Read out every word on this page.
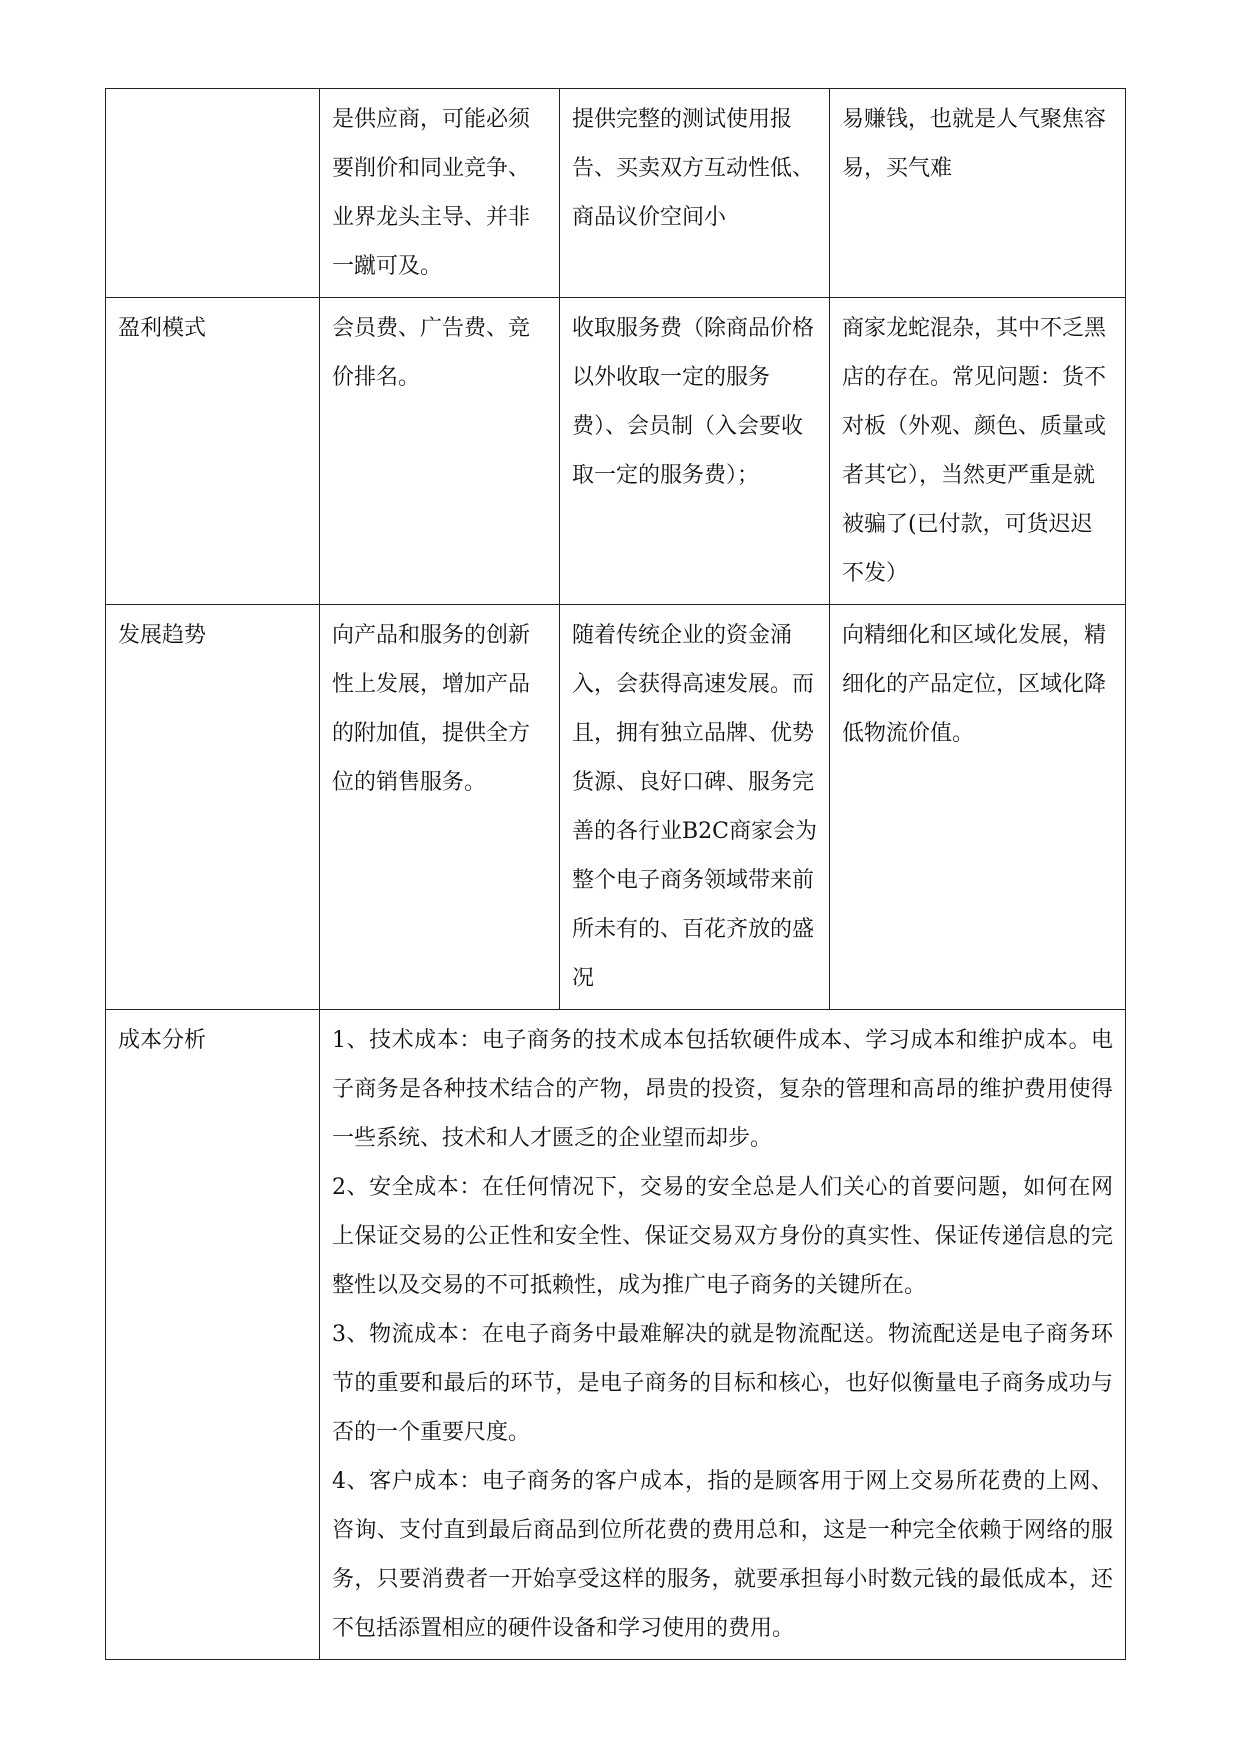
	是供应商，可能必须要削价和同业竞争、业界龙头主导、并非一蹴可及。	提供完整的测试使用报告、买卖双方互动性低、商品议价空间小	易赚钱，也就是人气聚焦容易，买气难
盈利模式	会员费、广告费、竞价排名。	收取服务费（除商品价格以外收取一定的服务费）、会员制（入会要收取一定的服务费）；	商家龙蛇混杂，其中不乏黑店的存在。常见问题：货不对板（外观、颜色、质量或者其它），当然更严重是就被骗了(已付款，可货迟迟不发）
发展趋势	向产品和服务的创新性上发展，增加产品的附加值，提供全方位的销售服务。	随着传统企业的资金涌入，会获得高速发展。而且，拥有独立品牌、优势货源、良好口碑、服务完善的各行业B2C商家会为整个电子商务领域带来前所未有的、百花齐放的盛况	向精细化和区域化发展，精细化的产品定位，区域化降低物流价值。
成本分析	1、技术成本：电子商务的技术成本包括软硬件成本、学习成本和维护成本。电子商务是各种技术结合的产物，昂贵的投资，复杂的管理和高昂的维护费用使得一些系统、技术和人才匮乏的企业望而却步。
2、安全成本：在任何情况下，交易的安全总是人们关心的首要问题，如何在网上保证交易的公正性和安全性、保证交易双方身份的真实性、保证传递信息的完整性以及交易的不可抵赖性，成为推广电子商务的关键所在。
3、物流成本：在电子商务中最难解决的就是物流配送。物流配送是电子商务环节的重要和最后的环节，是电子商务的目标和核心，也好似衡量电子商务成功与否的一个重要尺度。
4、客户成本：电子商务的客户成本，指的是顾客用于网上交易所花费的上网、咨询、支付直到最后商品到位所花费的费用总和，这是一种完全依赖于网络的服务，只要消费者一开始享受这样的服务，就要承担每小时数元钱的最低成本，还不包括添置相应的硬件设备和学习使用的费用。		
